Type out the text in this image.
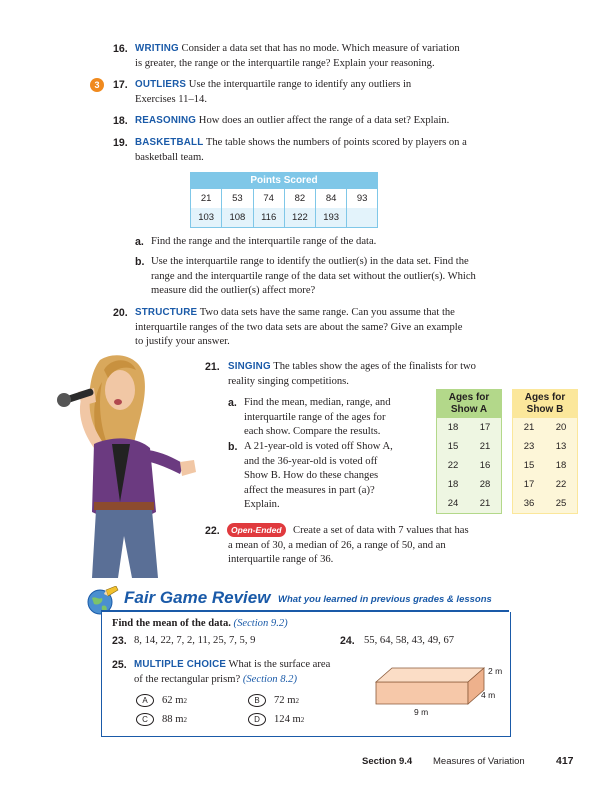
16. WRITING Consider a data set that has no mode. Which measure of variation
is greater, the range or the interquartile range? Explain your reasoning.
3	17. OUTLIERS Use the interquartile range to identify any outliers in
Exercises 11–14.
18. REASONING How does an outlier affect the range of a data set? Explain.
19. BASKETBALL The table shows the numbers of points scored by players on a
basketball team.
Points Scored
21	53	74	82	84	93
103	108	116	122	193	
a. Find the range and the interquartile range of the data.
b. Use the interquartile range to identify the outlier(s) in the data set. Find the
range and the interquartile range of the data set without the outlier(s). Which
measure did the outlier(s) affect more?
20. STRUCTURE Two data sets have the same range. Can you assume that the
interquartile ranges of the two data sets are about the same? Give an example
to justify your answer.
21. SINGING The tables show the ages of the finalists for two
reality singing competitions.
a. Find the mean, median, range, and
interquartile range of the ages for
each show. Compare the results.
b. A 21-year-old is voted off Show A,
and the 36-year-old is voted off
Show B. How do these changes
affect the measures in part (a)?
Explain.
Ages for
Show A
18	17
15	21
22	16
18	28
24	21
Ages for
Show B
21	20
23	13
15	18
17	22
36	25
22.	Open-Ended	Create a set of data with 7 values that has
a mean of 30, a median of 26, a range of 50, and an
interquartile range of 36.
Fair Game Review What you learned in previous grades & lessons
Find the mean of the data. (Section 9.2)
23. 8, 14, 22, 7, 2, 11, 25, 7, 5, 9	24. 55, 64, 58, 43, 49, 67
25. MULTIPLE CHOICE What is the surface area
of the rectangular prism? (Section 8.2)
A	62 m 2	B	72 m 2
C	88 m 2	D	124 m 2
2 m
4 m
9 m
Section 9.4 Measures of Variation	417
